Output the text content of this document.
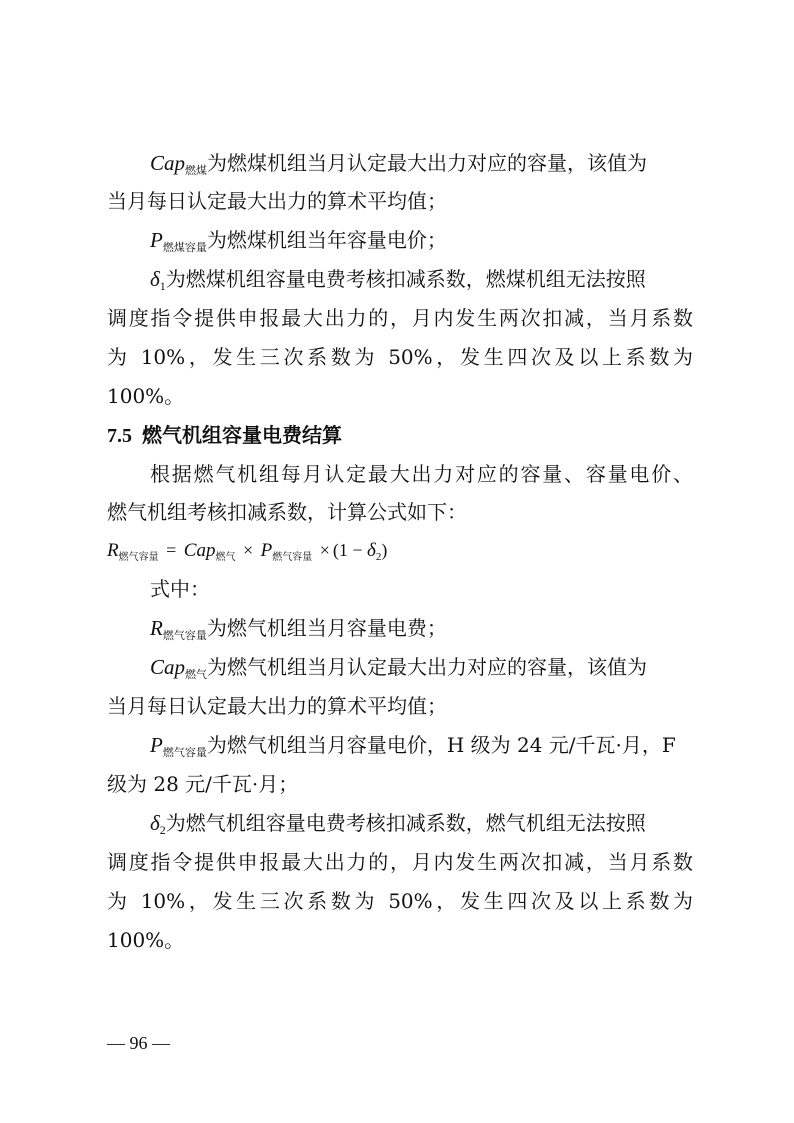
Cap$_{燃煤}$为燃煤机组当月认定最大出力对应的容量，该值为
当月每日认定最大出力的算术平均值；
$P_{燃煤容量}$为燃煤机组当年容量电价；
$\delta_1$为燃煤机组容量电费考核扣减系数，燃煤机组无法按照
调度指令提供申报最大出力的，月内发生两次扣减，当月系数
为 10%，发生三次系数为 50%，发生四次及以上系数为
100%。
7.5 燃气机组容量电费结算
根据燃气机组每月认定最大出力对应的容量、容量电价、
燃气机组考核扣减系数，计算公式如下：
$R_{燃气容量} = Cap_{燃气} \times P_{燃气容量} \times (1 - \delta_2)$
式中：
$R_{燃气容量}$为燃气机组当月容量电费；
Cap$_{燃气}$为燃气机组当月认定最大出力对应的容量，该值为
当月每日认定最大出力的算术平均值；
$P_{燃气容量}$为燃气机组当月容量电价，H 级为 24 元/千瓦·月，F
级为 28 元/千瓦·月；
$\delta_2$为燃气机组容量电费考核扣减系数，燃气机组无法按照
调度指令提供申报最大出力的，月内发生两次扣减，当月系数
为 10%，发生三次系数为 50%，发生四次及以上系数为
100%。
— 96 —
